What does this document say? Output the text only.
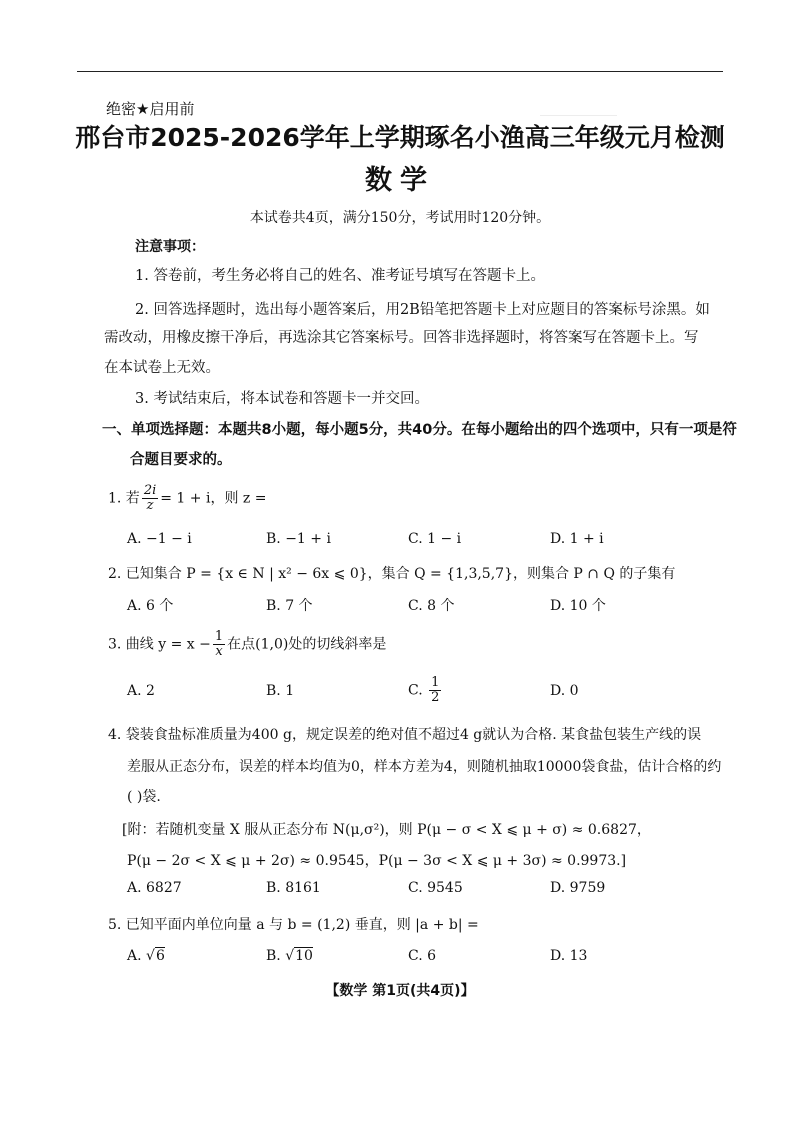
______________
绝密★启用前
邢台市2025-2026学年上学期琢名小渔高三年级元月检测
数学
本试卷共4页，满分150分，考试用时120分钟。
注意事项：
1. 答卷前，考生务必将自己的姓名、准考证号填写在答题卡上。
2. 回答选择题时，选出每小题答案后，用2B铅笔把答题卡上对应题目的答案标号涂黑。如
需改动，用橡皮擦干净后，再选涂其它答案标号。回答非选择题时，将答案写在答题卡上。写
在本试卷上无效。
3. 考试结束后，将本试卷和答题卡一并交回。
一、单项选择题：本题共8小题，每小题5分，共40分。在每小题给出的四个选项中，只有一项是符
合题目要求的。
1. 若 $\frac{2i}{z} = 1 + i$，则 z =
A. −1 − i	B. −1 + i	C. 1 − i	D. 1 + i
2. 已知集合 P = {x ∈ N | x² − 6x ⩽ 0}，集合 Q = {1,3,5,7}，则集合 P ∩ Q 的子集有
A. 6 个	B. 7 个	C. 8 个	D. 10 个
3. 曲线 $y = x - \frac{1}{x}$ 在点(1,0)处的切线斜率是
A. 2	B. 1	C. $\frac{1}{2}$	D. 0
4. 袋装食盐标准质量为400 g，规定误差的绝对值不超过4 g就认为合格. 某食盐包装生产线的误
差服从正态分布，误差的样本均值为0，样本方差为4，则随机抽取10000袋食盐，估计合格的约
( )袋.
[附：若随机变量 X 服从正态分布 N(μ,σ²)，则 P(μ − σ < X ⩽ μ + σ) ≈ 0.6827，
P(μ − 2σ < X ⩽ μ + 2σ) ≈ 0.9545，P(μ − 3σ < X ⩽ μ + 3σ) ≈ 0.9973.]
A. 6827	B. 8161	C. 9545	D. 9759
5. 已知平面内单位向量 a 与 b = (1,2) 垂直，则 |a + b| =
A. √6	B. √10	C. 6	D. 13
【数学 第1页(共4页)】
